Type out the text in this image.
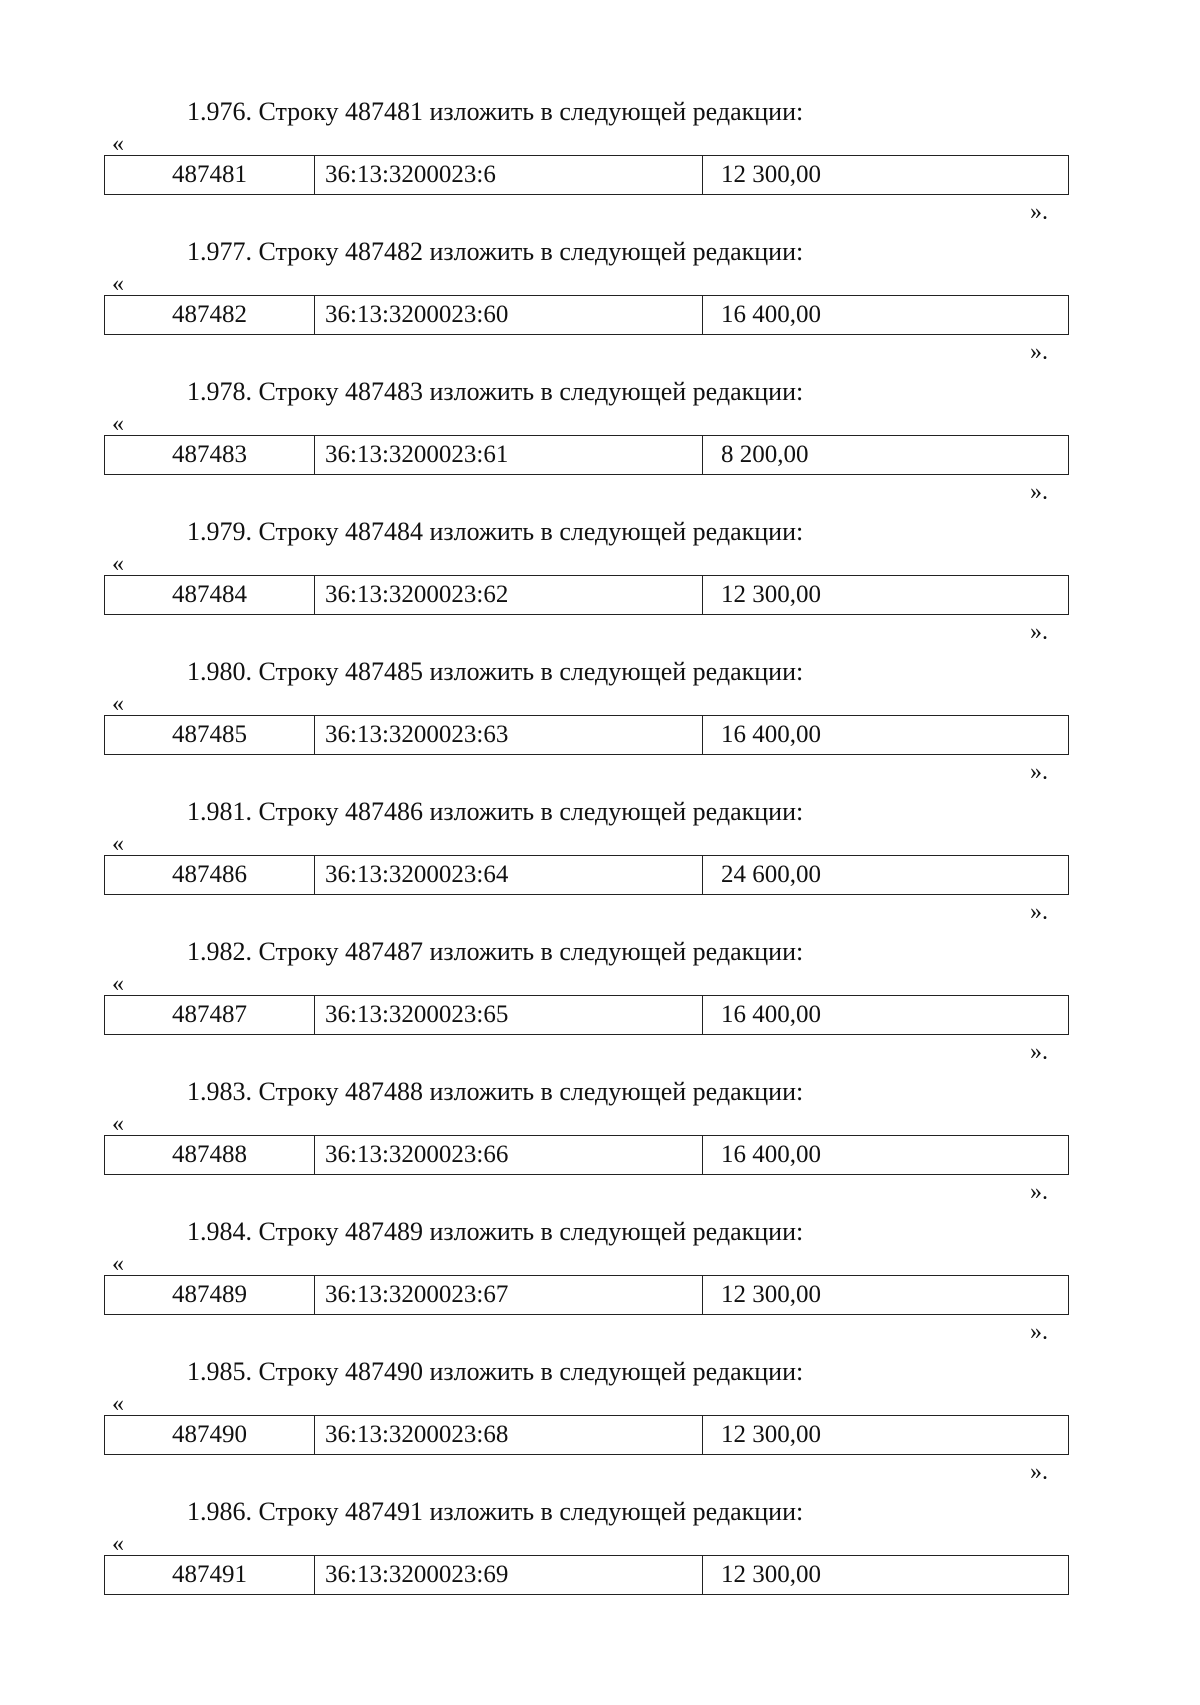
1.976. Строку 487481 изложить в следующей редакции:
«
487481	36:13:3200023:6	12 300,00
».
1.977. Строку 487482 изложить в следующей редакции:
«
487482	36:13:3200023:60	16 400,00
».
1.978. Строку 487483 изложить в следующей редакции:
«
487483	36:13:3200023:61	8 200,00
».
1.979. Строку 487484 изложить в следующей редакции:
«
487484	36:13:3200023:62	12 300,00
».
1.980. Строку 487485 изложить в следующей редакции:
«
487485	36:13:3200023:63	16 400,00
».
1.981. Строку 487486 изложить в следующей редакции:
«
487486	36:13:3200023:64	24 600,00
».
1.982. Строку 487487 изложить в следующей редакции:
«
487487	36:13:3200023:65	16 400,00
».
1.983. Строку 487488 изложить в следующей редакции:
«
487488	36:13:3200023:66	16 400,00
».
1.984. Строку 487489 изложить в следующей редакции:
«
487489	36:13:3200023:67	12 300,00
».
1.985. Строку 487490 изложить в следующей редакции:
«
487490	36:13:3200023:68	12 300,00
».
1.986. Строку 487491 изложить в следующей редакции:
«
487491	36:13:3200023:69	12 300,00
